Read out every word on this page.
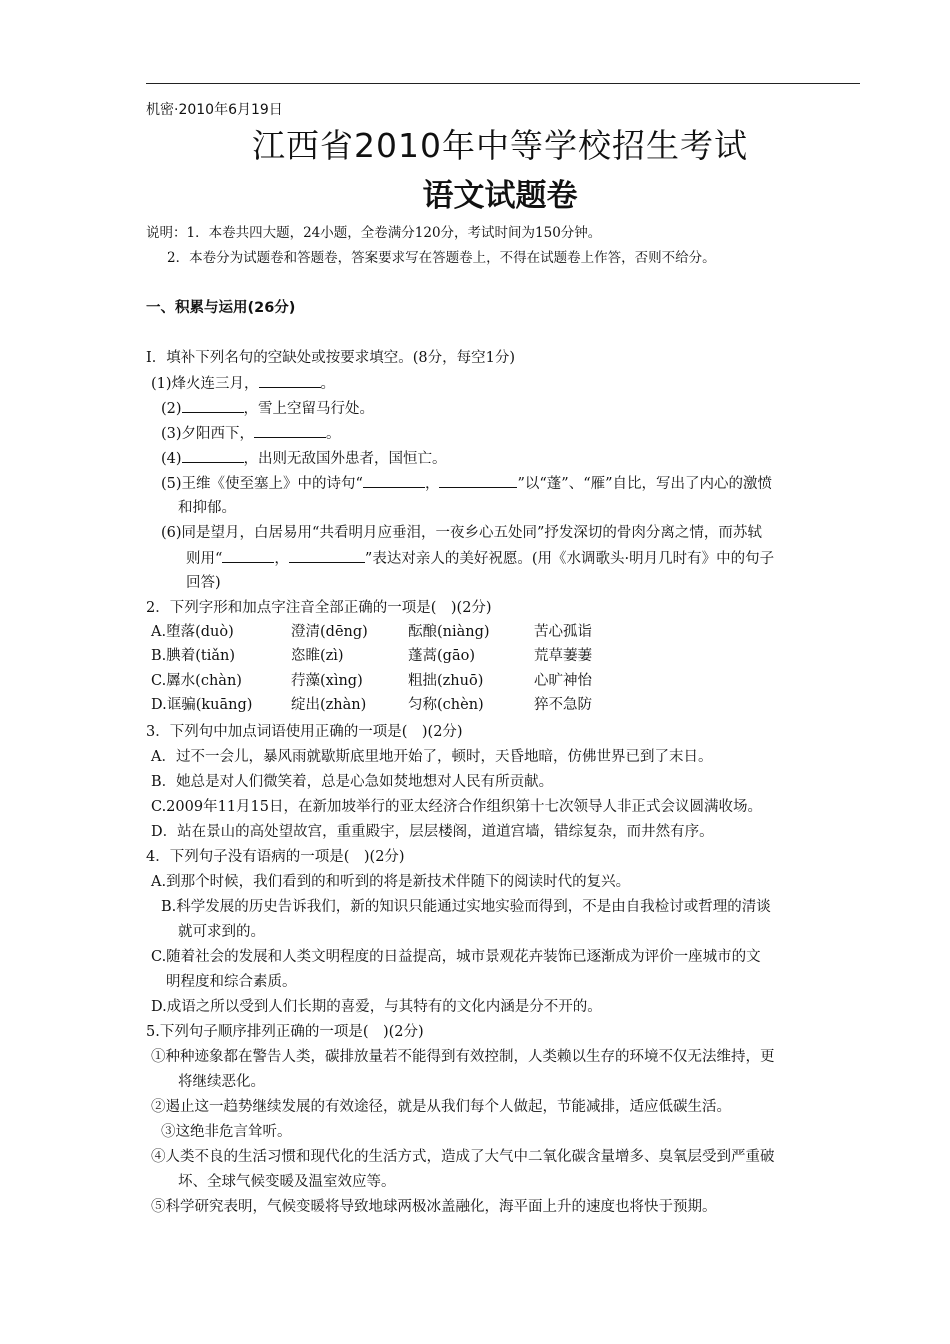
机密·2010年6月19日
江西省2010年中等学校招生考试
语文试题卷
说明：1．本卷共四大题，24小题，全卷满分120分，考试时间为150分钟。
2．本卷分为试题卷和答题卷，答案要求写在答题卷上，不得在试题卷上作答，否则不给分。
一、积累与运用(26分)
I．填补下列名句的空缺处或按要求填空。(8分，每空1分)
(1)烽火连三月，	。
(2)	，雪上空留马行处。
(3)夕阳西下，	。
(4)	，出则无敌国外患者，国恒亡。
(5)王维《使至塞上》中的诗句“	，	”以“蓬”、“雁”自比，写出了内心的激愤
和抑郁。
(6)同是望月，白居易用“共看明月应垂泪，一夜乡心五处同”抒发深切的骨肉分离之情，而苏轼
则用“	，	”表达对亲人的美好祝愿。(用《水调歌头·明月几时有》中的句子
回答)
2．下列字形和加点字注音全部正确的一项是(　)(2分)
A.堕落(duò)	澄清(dēng)	酝酿(niàng)	苦心孤诣
B.腆着(tiǎn)	恣睢(zì)	蓬蒿(gāo)	荒草萋萋
C.羼水(chàn)	荇藻(xìng)	粗拙(zhuō)	心旷神怡
D.诓骗(kuāng)	绽出(zhàn)	匀称(chèn)	猝不急防
3．下列句中加点词语使用正确的一项是(　)(2分)
A．过不一会儿，暴风雨就歇斯底里地开始了，顿时，天昏地暗，仿佛世界已到了末日。
B．她总是对人们微笑着，总是心急如焚地想对人民有所贡献。
C.2009年11月15日，在新加坡举行的亚太经济合作组织第十七次领导人非正式会议圆满收场。
D．站在景山的高处望故宫，重重殿宇，层层楼阁，道道宫墙，错综复杂，而井然有序。
4．下列句子没有语病的一项是(　)(2分)
A.到那个时候，我们看到的和听到的将是新技术伴随下的阅读时代的复兴。
B.科学发展的历史告诉我们，新的知识只能通过实地实验而得到，不是由自我检讨或哲理的清谈
就可求到的。
C.随着社会的发展和人类文明程度的日益提高，城市景观花卉装饰已逐渐成为评价一座城市的文
明程度和综合素质。
D.成语之所以受到人们长期的喜爱，与其特有的文化内涵是分不开的。
5.下列句子顺序排列正确的一项是(　)(2分)
①种种迹象都在警告人类，碳排放量若不能得到有效控制，人类赖以生存的环境不仅无法维持，更
将继续恶化。
②遏止这一趋势继续发展的有效途径，就是从我们每个人做起，节能减排，适应低碳生活。
③这绝非危言耸听。
④人类不良的生活习惯和现代化的生活方式，造成了大气中二氧化碳含量增多、臭氧层受到严重破
坏、全球气候变暖及温室效应等。
⑤科学研究表明，气候变暖将导致地球两极冰盖融化，海平面上升的速度也将快于预期。
